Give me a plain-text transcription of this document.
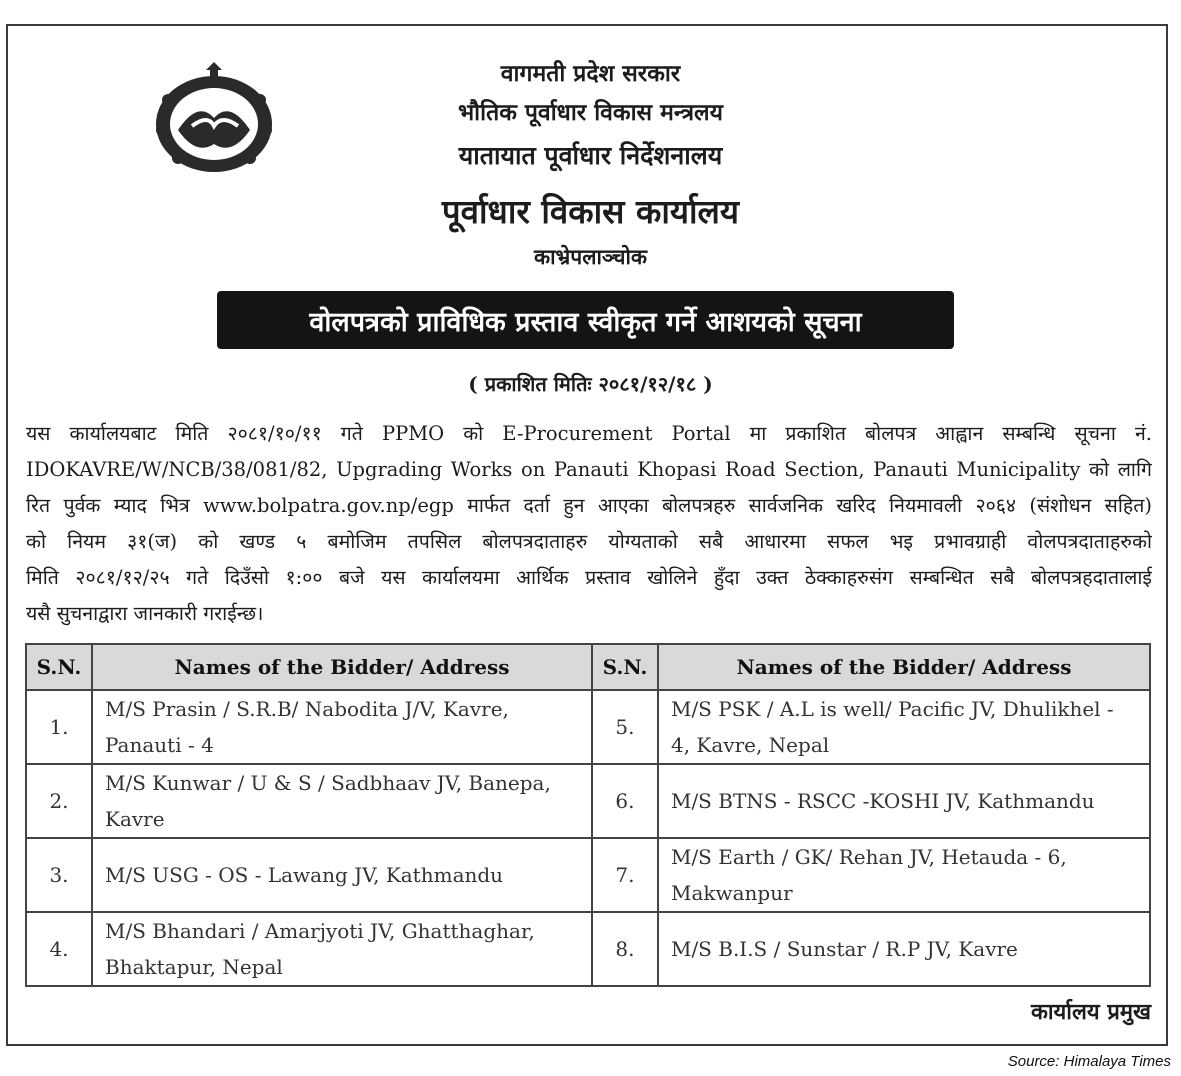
वागमती प्रदेश सरकार
भौतिक पूर्वाधार विकास मन्त्रलय
यातायात पूर्वाधार निर्देशनालय
पूर्वाधार विकास कार्यालय
काभ्रेपलाञ्चोक
वोलपत्रको प्राविधिक प्रस्ताव स्वीकृत गर्ने आशयको सूचना
( प्रकाशित मितिः २०८१/१२/१८ )
यस कार्यालयबाट मिति २०८१/१०/११ गते PPMO को E-Procurement Portal मा प्रकाशित बोलपत्र आह्वान सम्बन्धि सूचना नं.
IDOKAVRE/W/NCB/38/081/82, Upgrading Works on Panauti Khopasi Road Section, Panauti Municipality को लागि
रित पुर्वक म्याद भित्र www.bolpatra.gov.np/egp मार्फत दर्ता हुन आएका बोलपत्रहरु सार्वजनिक खरिद नियमावली २०६४ (संशोधन सहित)
को नियम ३१(ज) को खण्ड ५ बमोजिम तपसिल बोलपत्रदाताहरु योग्यताको सबै आधारमा सफल भइ प्रभावग्राही वोलपत्रदाताहरुको
मिति २०८१/१२/२५ गते दिउँसो १:०० बजे यस कार्यालयमा आर्थिक प्रस्ताव खोलिने हुँदा उक्त ठेक्काहरुसंग सम्बन्धित सबै बोलपत्रहदातालाई
यसै सुचनाद्वारा जानकारी गराईन्छ।
S.N.	Names of the Bidder/ Address	S.N.	Names of the Bidder/ Address
1.	M/S Prasin / S.R.B/ Nabodita J/V, Kavre, Panauti - 4	5.	M/S PSK / A.L is well/ Pacific JV, Dhulikhel - 4, Kavre, Nepal
2.	M/S Kunwar / U & S / Sadbhaav JV, Banepa, Kavre	6.	M/S BTNS - RSCC -KOSHI JV, Kathmandu
3.	M/S USG - OS - Lawang JV, Kathmandu	7.	M/S Earth / GK/ Rehan JV, Hetauda - 6, Makwanpur
4.	M/S Bhandari / Amarjyoti JV, Ghatthaghar, Bhaktapur, Nepal	8.	M/S B.I.S / Sunstar / R.P JV, Kavre
कार्यालय प्रमुख
Source: Himalaya Times
